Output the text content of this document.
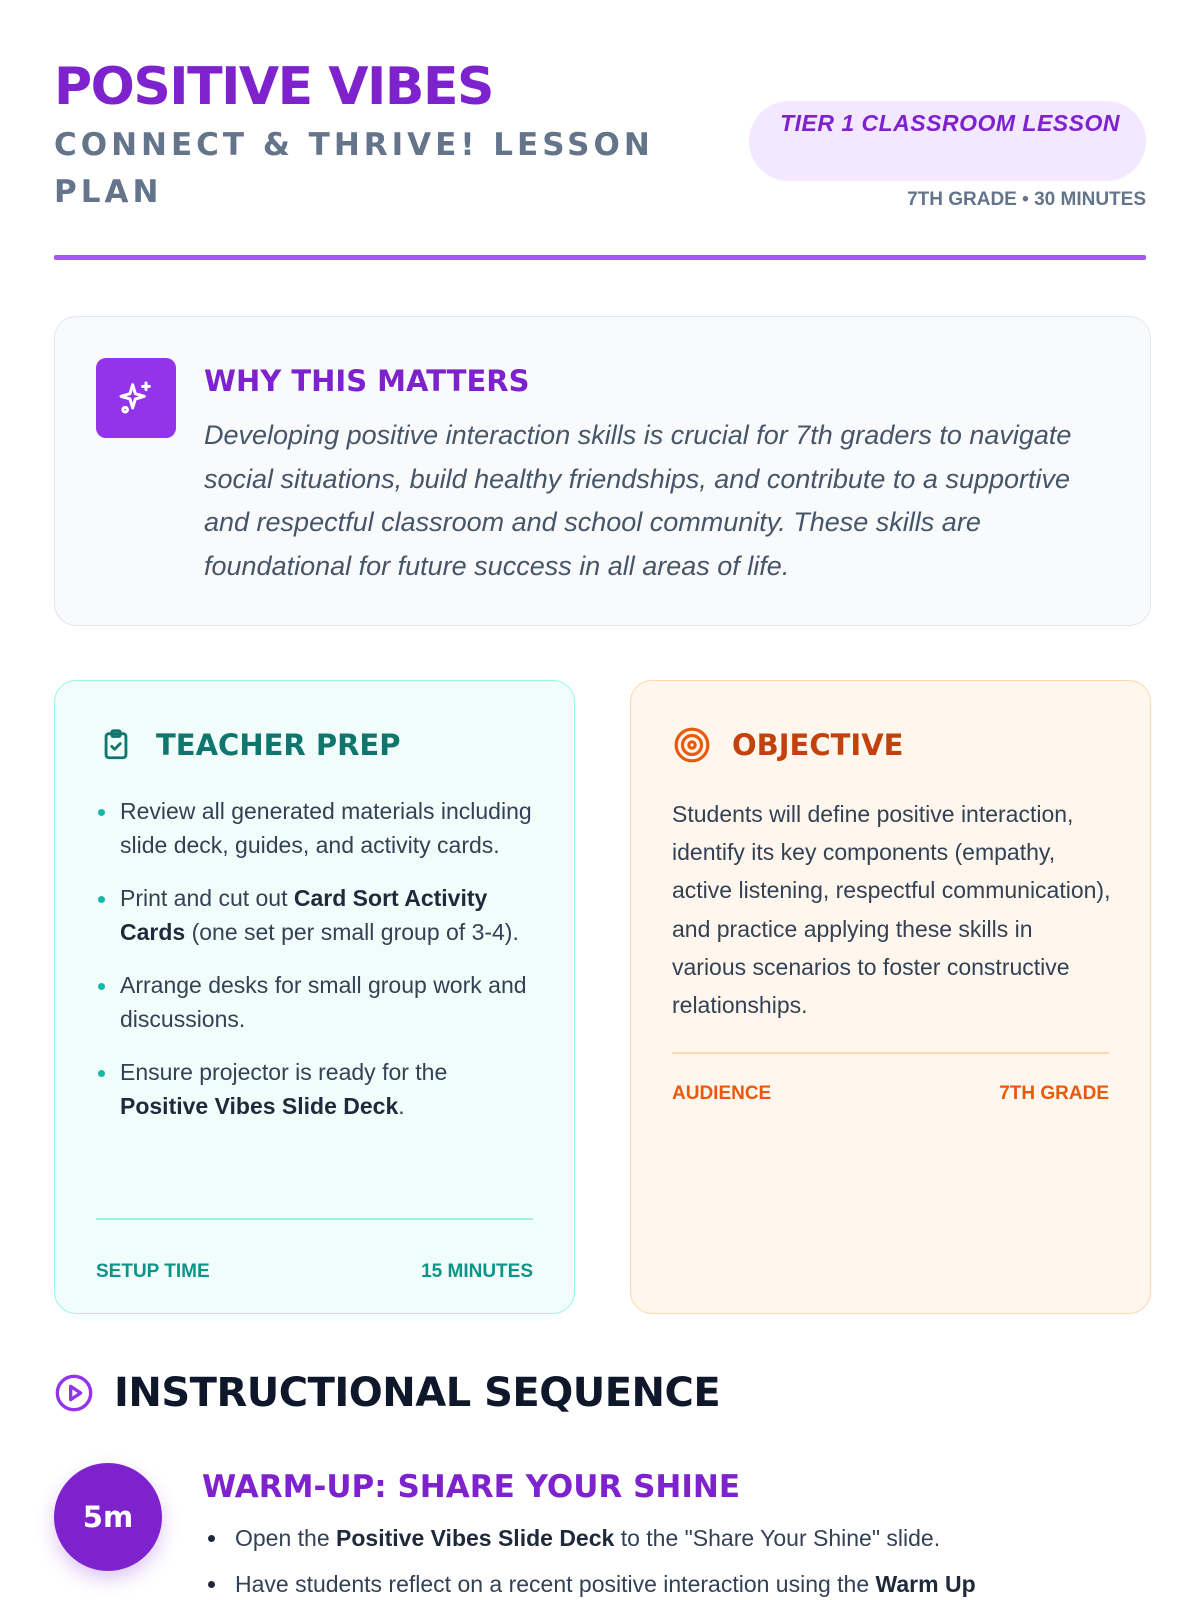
POSITIVE VIBES
CONNECT & THRIVE! LESSON PLAN
TIER 1 CLASSROOM LESSON
7TH GRADE • 30 MINUTES
WHY THIS MATTERS

Developing positive interaction skills is crucial for 7th graders to navigate social situations, build healthy friendships, and contribute to a supportive and respectful classroom and school community. These skills are foundational for future success in all areas of life.

TEACHER PREP
Review all generated materials including slide deck, guides, and activity cards.
Print and cut out Card Sort Activity Cards (one set per small group of 3-4).
Arrange desks for small group work and discussions.
Ensure projector is ready for the Positive Vibes Slide Deck.
SETUP TIME	15 MINUTES
OBJECTIVE

Students will define positive interaction, identify its key components (empathy, active listening, respectful communication), and practice applying these skills in various scenarios to foster constructive relationships.

AUDIENCE	7TH GRADE
INSTRUCTIONAL SEQUENCE
5m
WARM-UP: SHARE YOUR SHINE
Open the Positive Vibes Slide Deck to the "Share Your Shine" slide.
Have students reflect on a recent positive interaction using the Warm Up
